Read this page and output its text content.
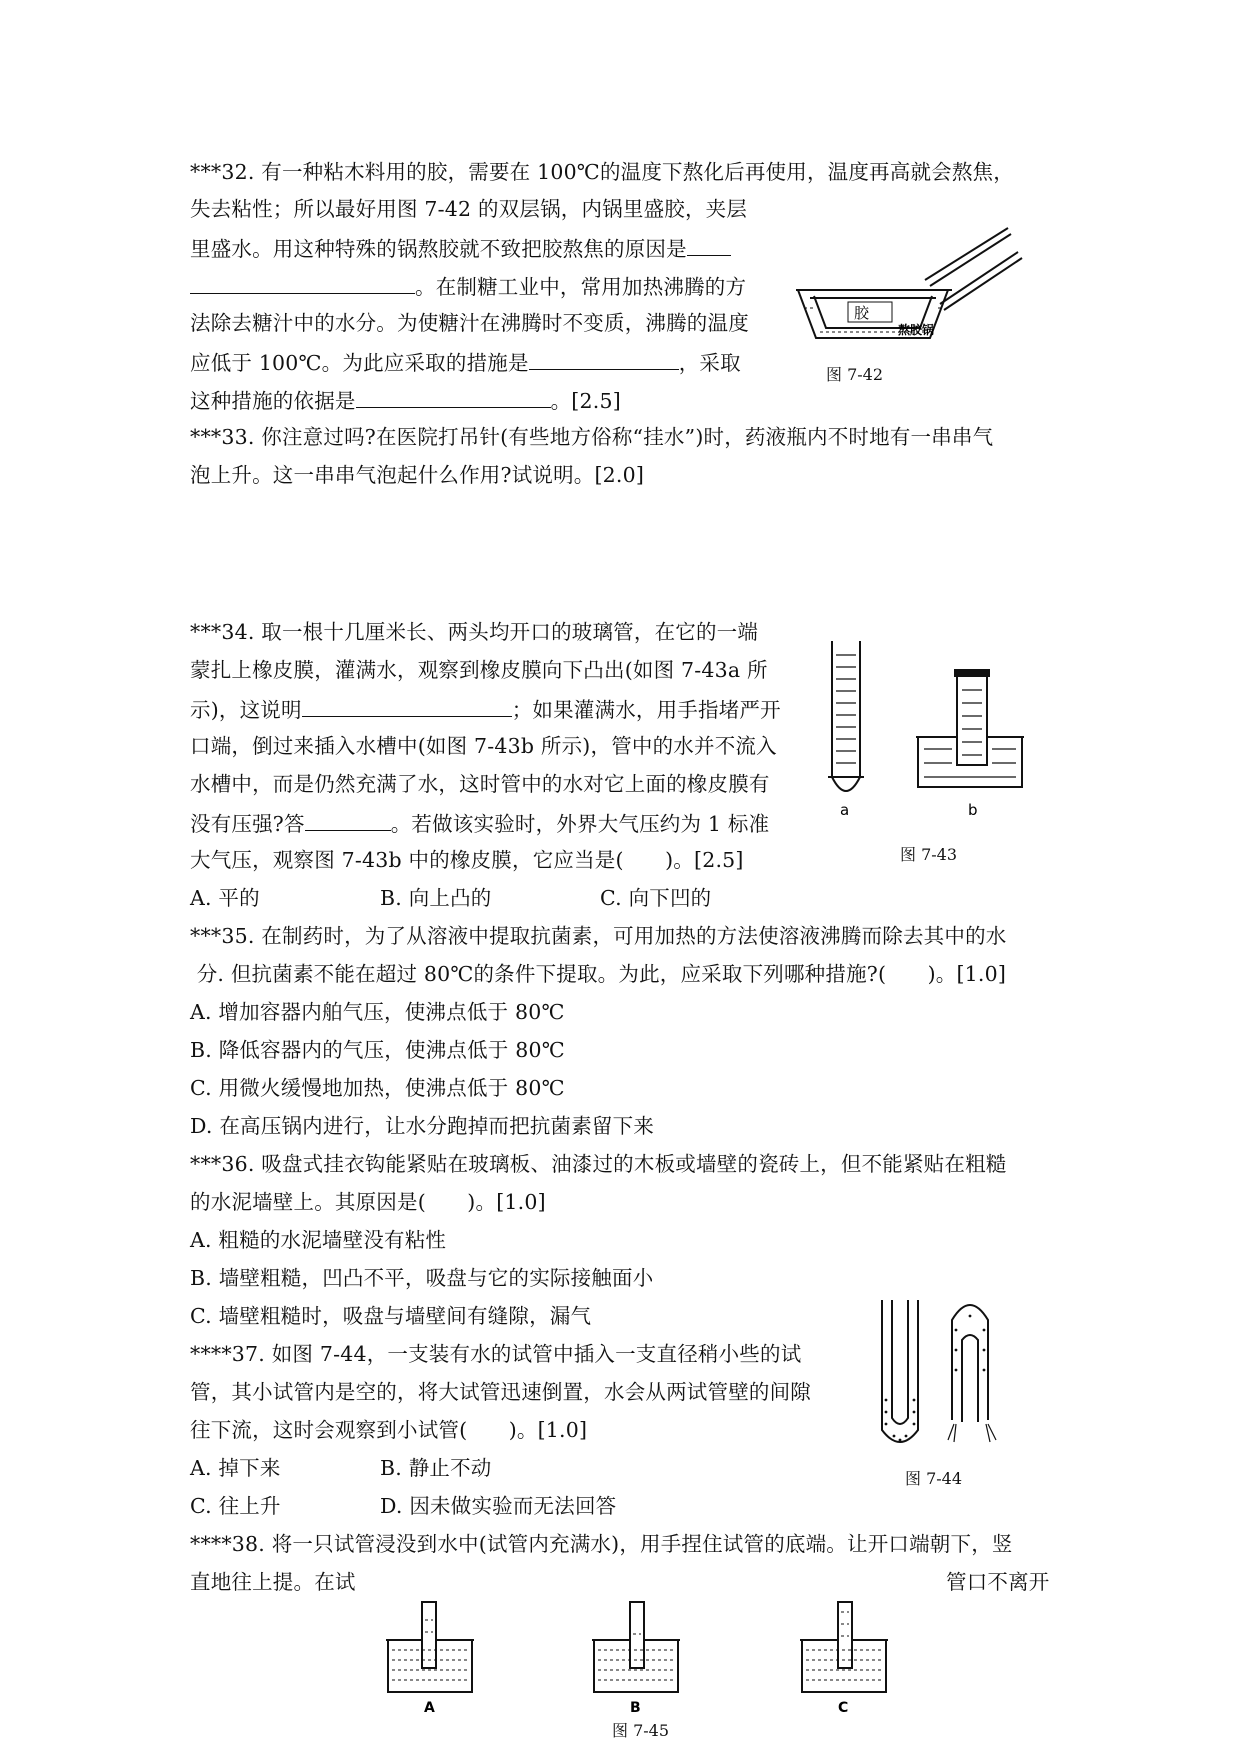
***32. 有一种粘木料用的胶，需要在 100℃的温度下熬化后再使用，温度再高就会熬焦，
失去粘性；所以最好用图 7-42 的双层锅，内锅里盛胶，夹层
里盛水。用这种特殊的锅熬胶就不致把胶熬焦的原因是
。在制糖工业中，常用加热沸腾的方
法除去糖汁中的水分。为使糖汁在沸腾时不变质，沸腾的温度
应低于 100℃。为此应采取的措施是	，采取
这种措施的依据是	。[2.5]
胶
熬胶锅
图 7-42
***33. 你注意过吗?在医院打吊针(有些地方俗称“挂水”)时，药液瓶内不时地有一串串气
泡上升。这一串串气泡起什么作用?试说明。[2.0]
***34. 取一根十几厘米长、两头均开口的玻璃管，在它的一端
蒙扎上橡皮膜，灌满水，观察到橡皮膜向下凸出(如图 7-43a 所
示)，这说明	；如果灌满水，用手指堵严开
口端，倒过来插入水槽中(如图 7-43b 所示)，管中的水并不流入
水槽中，而是仍然充满了水，这时管中的水对它上面的橡皮膜有
没有压强?答	。若做该实验时，外界大气压约为 1 标准
大气压，观察图 7-43b 中的橡皮膜，它应当是(　　)。[2.5]
A. 平的	B. 向上凸的	C. 向下凹的
a	b
图 7-43
***35. 在制药时，为了从溶液中提取抗菌素，可用加热的方法使溶液沸腾而除去其中的水
分. 但抗菌素不能在超过 80℃的条件下提取。为此，应采取下列哪种措施?(　　)。[1.0]
A. 增加容器内舶气压，使沸点低于 80℃
B. 降低容器内的气压，使沸点低于 80℃
C. 用微火缓慢地加热，使沸点低于 80℃
D. 在高压锅内进行，让水分跑掉而把抗菌素留下来
***36. 吸盘式挂衣钩能紧贴在玻璃板、油漆过的木板或墙壁的瓷砖上，但不能紧贴在粗糙
的水泥墙壁上。其原因是(　　)。[1.0]
A. 粗糙的水泥墙壁没有粘性
B. 墙壁粗糙，凹凸不平，吸盘与它的实际接触面小
C. 墙壁粗糙时，吸盘与墙壁间有缝隙，漏气
****37. 如图 7-44，一支装有水的试管中插入一支直径稍小些的试
管，其小试管内是空的，将大试管迅速倒置，水会从两试管壁的间隙
往下流，这时会观察到小试管(　　)。[1.0]
A. 掉下来	B. 静止不动
C. 往上升	D. 因未做实验而无法回答
图 7-44
****38. 将一只试管浸没到水中(试管内充满水)，用手捏住试管的底端。让开口端朝下，竖
直地往上提。在试	管口不离开
A	B	C
图 7-45
